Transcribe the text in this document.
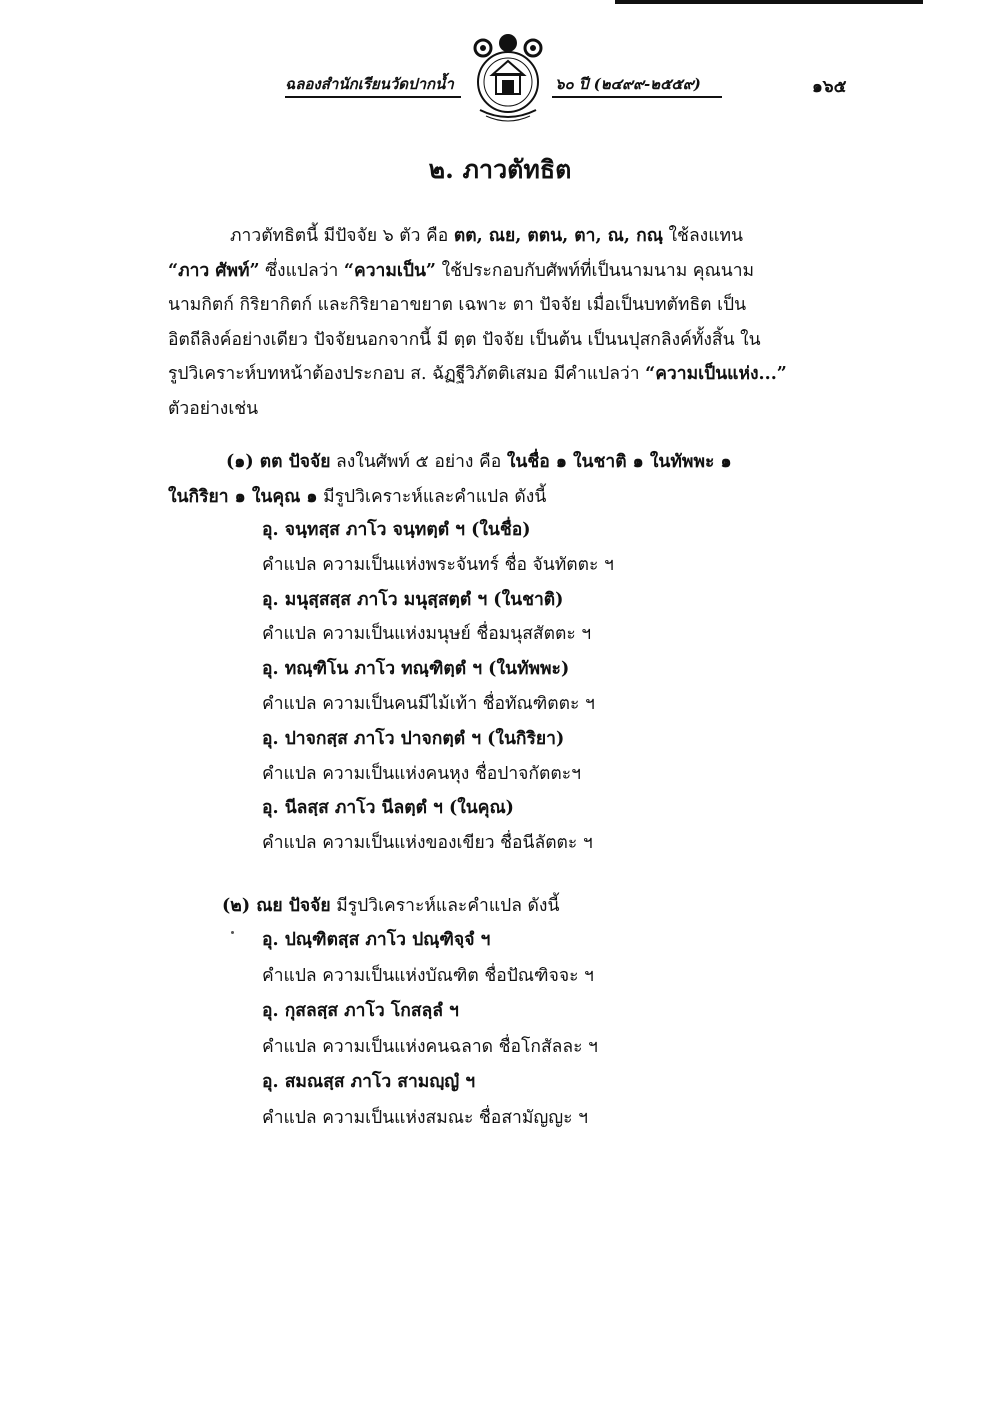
ฉลองสำนักเรียนวัดปากน้ำ	๖๐ ปี (๒๔๙๙-๒๕๕๙)	๑๖๕
๒. ภาวตัทธิต
ภาวตัทธิตนี้ มีปัจจัย ๖ ตัว คือ ตต, ณย, ตตน, ตา, ณ, กณฺ ใช้ลงแทน
“ภาว ศัพท์” ซึ่งแปลว่า “ความเป็น” ใช้ประกอบกับศัพท์ที่เป็นนามนาม คุณนาม
นามกิตก์ กิริยากิตก์ และกิริยาอาขยาต เฉพาะ ตา ปัจจัย เมื่อเป็นบทตัทธิต เป็น
อิตถีลิงค์อย่างเดียว ปัจจัยนอกจากนี้ มี ตฺต ปัจจัย เป็นต้น เป็นนปุสกลิงค์ทั้งสิ้น ใน
รูปวิเคราะห์บทหน้าต้องประกอบ ส. ฉัฏฐีวิภัตติเสมอ มีคำแปลว่า “ความเป็นแห่ง...”
ตัวอย่างเช่น
(๑) ตต ปัจจัย ลงในศัพท์ ๕ อย่าง คือ ในชื่อ ๑ ในชาติ ๑ ในทัพพะ ๑
ในกิริยา ๑ ในคุณ ๑ มีรูปวิเคราะห์และคำแปล ดังนี้
อุ. จนฺทสฺส ภาโว จนฺทตฺตํ ฯ (ในชื่อ)
คำแปล ความเป็นแห่งพระจันทร์ ชื่อ จันทัตตะ ฯ
อุ. มนุสฺสสฺส ภาโว มนุสฺสตฺตํ ฯ (ในชาติ)
คำแปล ความเป็นแห่งมนุษย์ ชื่อมนุสสัตตะ ฯ
อุ. ทณฺฑิโน ภาโว ทณฺฑิตฺตํ ฯ (ในทัพพะ)
คำแปล ความเป็นคนมีไม้เท้า ชื่อทัณฑิตตะ ฯ
อุ. ปาจกสฺส ภาโว ปาจกตฺตํ ฯ (ในกิริยา)
คำแปล ความเป็นแห่งคนหุง ชื่อปาจกัตตะฯ
อุ. นีลสฺส ภาโว นีลตฺตํ ฯ (ในคุณ)
คำแปล ความเป็นแห่งของเขียว ชื่อนีลัตตะ ฯ
(๒) ณย ปัจจัย มีรูปวิเคราะห์และคำแปล ดังนี้
อุ. ปณฺฑิตสฺส ภาโว ปณฺฑิจฺจํ ฯ
คำแปล ความเป็นแห่งบัณฑิต ชื่อปัณฑิจจะ ฯ
อุ. กุสลสฺส ภาโว โกสลฺลํ ฯ
คำแปล ความเป็นแห่งคนฉลาด ชื่อโกสัลละ ฯ
อุ. สมณสฺส ภาโว สามญฺญํ ฯ
คำแปล ความเป็นแห่งสมณะ ชื่อสามัญญะ ฯ
